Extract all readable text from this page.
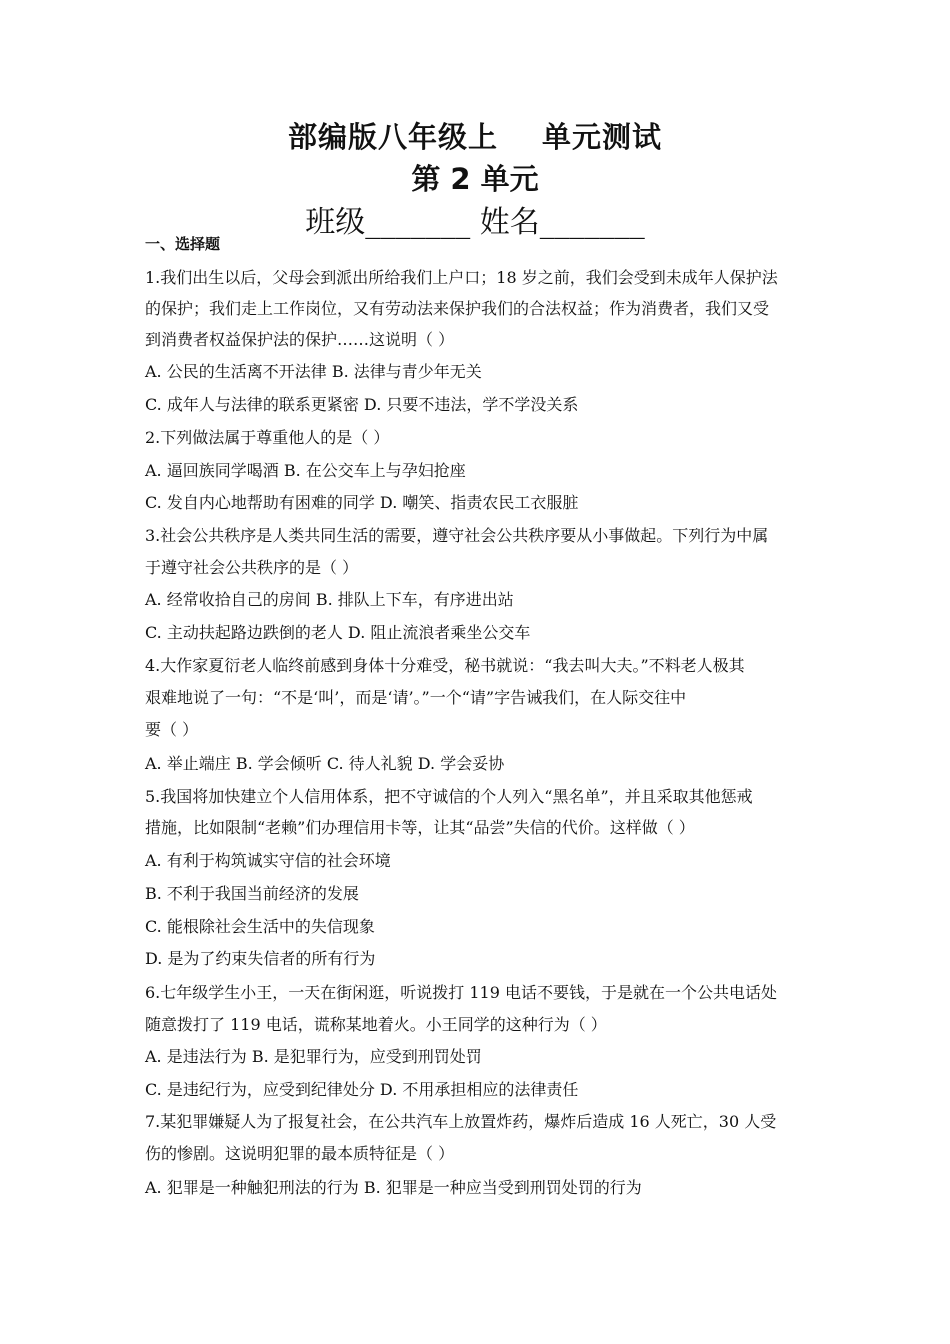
部编版八年级上 单元测试
第 2 单元
班级_______ 姓名_______
一、选择题
1.我们出生以后，父母会到派出所给我们上户口；18 岁之前，我们会受到未成年人保护法
的保护；我们走上工作岗位，又有劳动法来保护我们的合法权益；作为消费者，我们又受
到消费者权益保护法的保护……这说明（ ）
A. 公民的生活离不开法律 B. 法律与青少年无关
C. 成年人与法律的联系更紧密 D. 只要不违法，学不学没关系
2.下列做法属于尊重他人的是（ ）
A. 逼回族同学喝酒 B. 在公交车上与孕妇抢座
C. 发自内心地帮助有困难的同学 D. 嘲笑、指责农民工衣服脏
3.社会公共秩序是人类共同生活的需要，遵守社会公共秩序要从小事做起。下列行为中属
于遵守社会公共秩序的是（ ）
A. 经常收拾自己的房间 B. 排队上下车，有序进出站
C. 主动扶起路边跌倒的老人 D. 阻止流浪者乘坐公交车
4.大作家夏衍老人临终前感到身体十分难受，秘书就说：“我去叫大夫。”不料老人极其
艰难地说了一句：“不是‘叫’，而是‘请’。”一个“请”字告诫我们，在人际交往中
要（ ）
A. 举止端庄 B. 学会倾听 C. 待人礼貌 D. 学会妥协
5.我国将加快建立个人信用体系，把不守诚信的个人列入“黑名单”，并且采取其他惩戒
措施，比如限制“老赖”们办理信用卡等，让其“品尝”失信的代价。这样做（ ）
A. 有利于构筑诚实守信的社会环境
B. 不利于我国当前经济的发展
C. 能根除社会生活中的失信现象
D. 是为了约束失信者的所有行为
6.七年级学生小王，一天在街闲逛，听说拨打 119 电话不要钱，于是就在一个公共电话处
随意拨打了 119 电话，谎称某地着火。小王同学的这种行为（ ）
A. 是违法行为 B. 是犯罪行为，应受到刑罚处罚
C. 是违纪行为，应受到纪律处分 D. 不用承担相应的法律责任
7.某犯罪嫌疑人为了报复社会，在公共汽车上放置炸药，爆炸后造成 16 人死亡，30 人受
伤的惨剧。这说明犯罪的最本质特征是（ ）
A. 犯罪是一种触犯刑法的行为 B. 犯罪是一种应当受到刑罚处罚的行为
